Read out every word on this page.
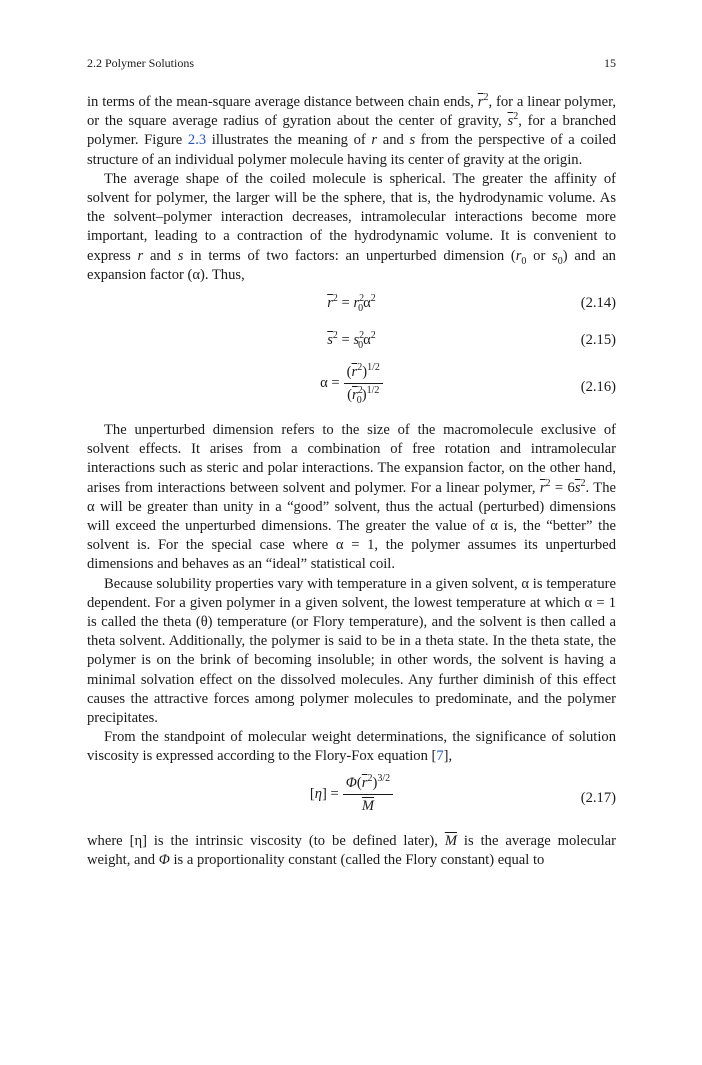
2.2 Polymer Solutions	15

in terms of the mean-square average distance between chain ends, $\overline{r}^2$, for a linear polymer, or the square average radius of gyration about the center of gravity, $\overline{s}^2$, for a branched polymer. Figure 2.3 illustrates the meaning of r and s from the perspective of a coiled structure of an individual polymer molecule having its center of gravity at the origin.

The average shape of the coiled molecule is spherical. The greater the affinity of solvent for polymer, the larger will be the sphere, that is, the hydrodynamic volume. As the solvent–polymer interaction decreases, intramolecular interactions become more important, leading to a contraction of the hydrodynamic volume. It is convenient to express r and s in terms of two factors: an unperturbed dimension ($r_0$ or $s_0$) and an expansion factor (α). Thus,

$\overline{r}^2 = r^2_0\alpha^2$	(2.14)
$\overline{s}^2 = s^2_0\alpha^2$	(2.15)
$\alpha = \frac{(\overline{r}^2)^{1/2}}{(\overline{r}^2_0)^{1/2}}$	(2.16)

The unperturbed dimension refers to the size of the macromolecule exclusive of solvent effects. It arises from a combination of free rotation and intramolecular interactions such as steric and polar interactions. The expansion factor, on the other hand, arises from interactions between solvent and polymer. For a linear polymer, $\overline{r}^2 = 6\overline{s}^2$. The α will be greater than unity in a “good” solvent, thus the actual (perturbed) dimensions will exceed the unperturbed dimensions. The greater the value of α is, the “better” the solvent is. For the special case where α = 1, the polymer assumes its unperturbed dimensions and behaves as an “ideal” statistical coil.

Because solubility properties vary with temperature in a given solvent, α is temperature dependent. For a given polymer in a given solvent, the lowest temperature at which α = 1 is called the theta (θ) temperature (or Flory temperature), and the solvent is then called a theta solvent. Additionally, the polymer is said to be in a theta state. In the theta state, the polymer is on the brink of becoming insoluble; in other words, the solvent is having a minimal solvation effect on the dissolved molecules. Any further diminish of this effect causes the attractive forces among polymer molecules to predominate, and the polymer precipitates.

From the standpoint of molecular weight determinations, the significance of solution viscosity is expressed according to the Flory-Fox equation [7],

[ η ] = $\frac{\Phi(\overline{r}^2)^{3/2}}{M}$	(2.17)

where [η] is the intrinsic viscosity (to be defined later), $\overline{M}$ is the average molecular weight, and Φ is a proportionality constant (called the Flory constant) equal to
